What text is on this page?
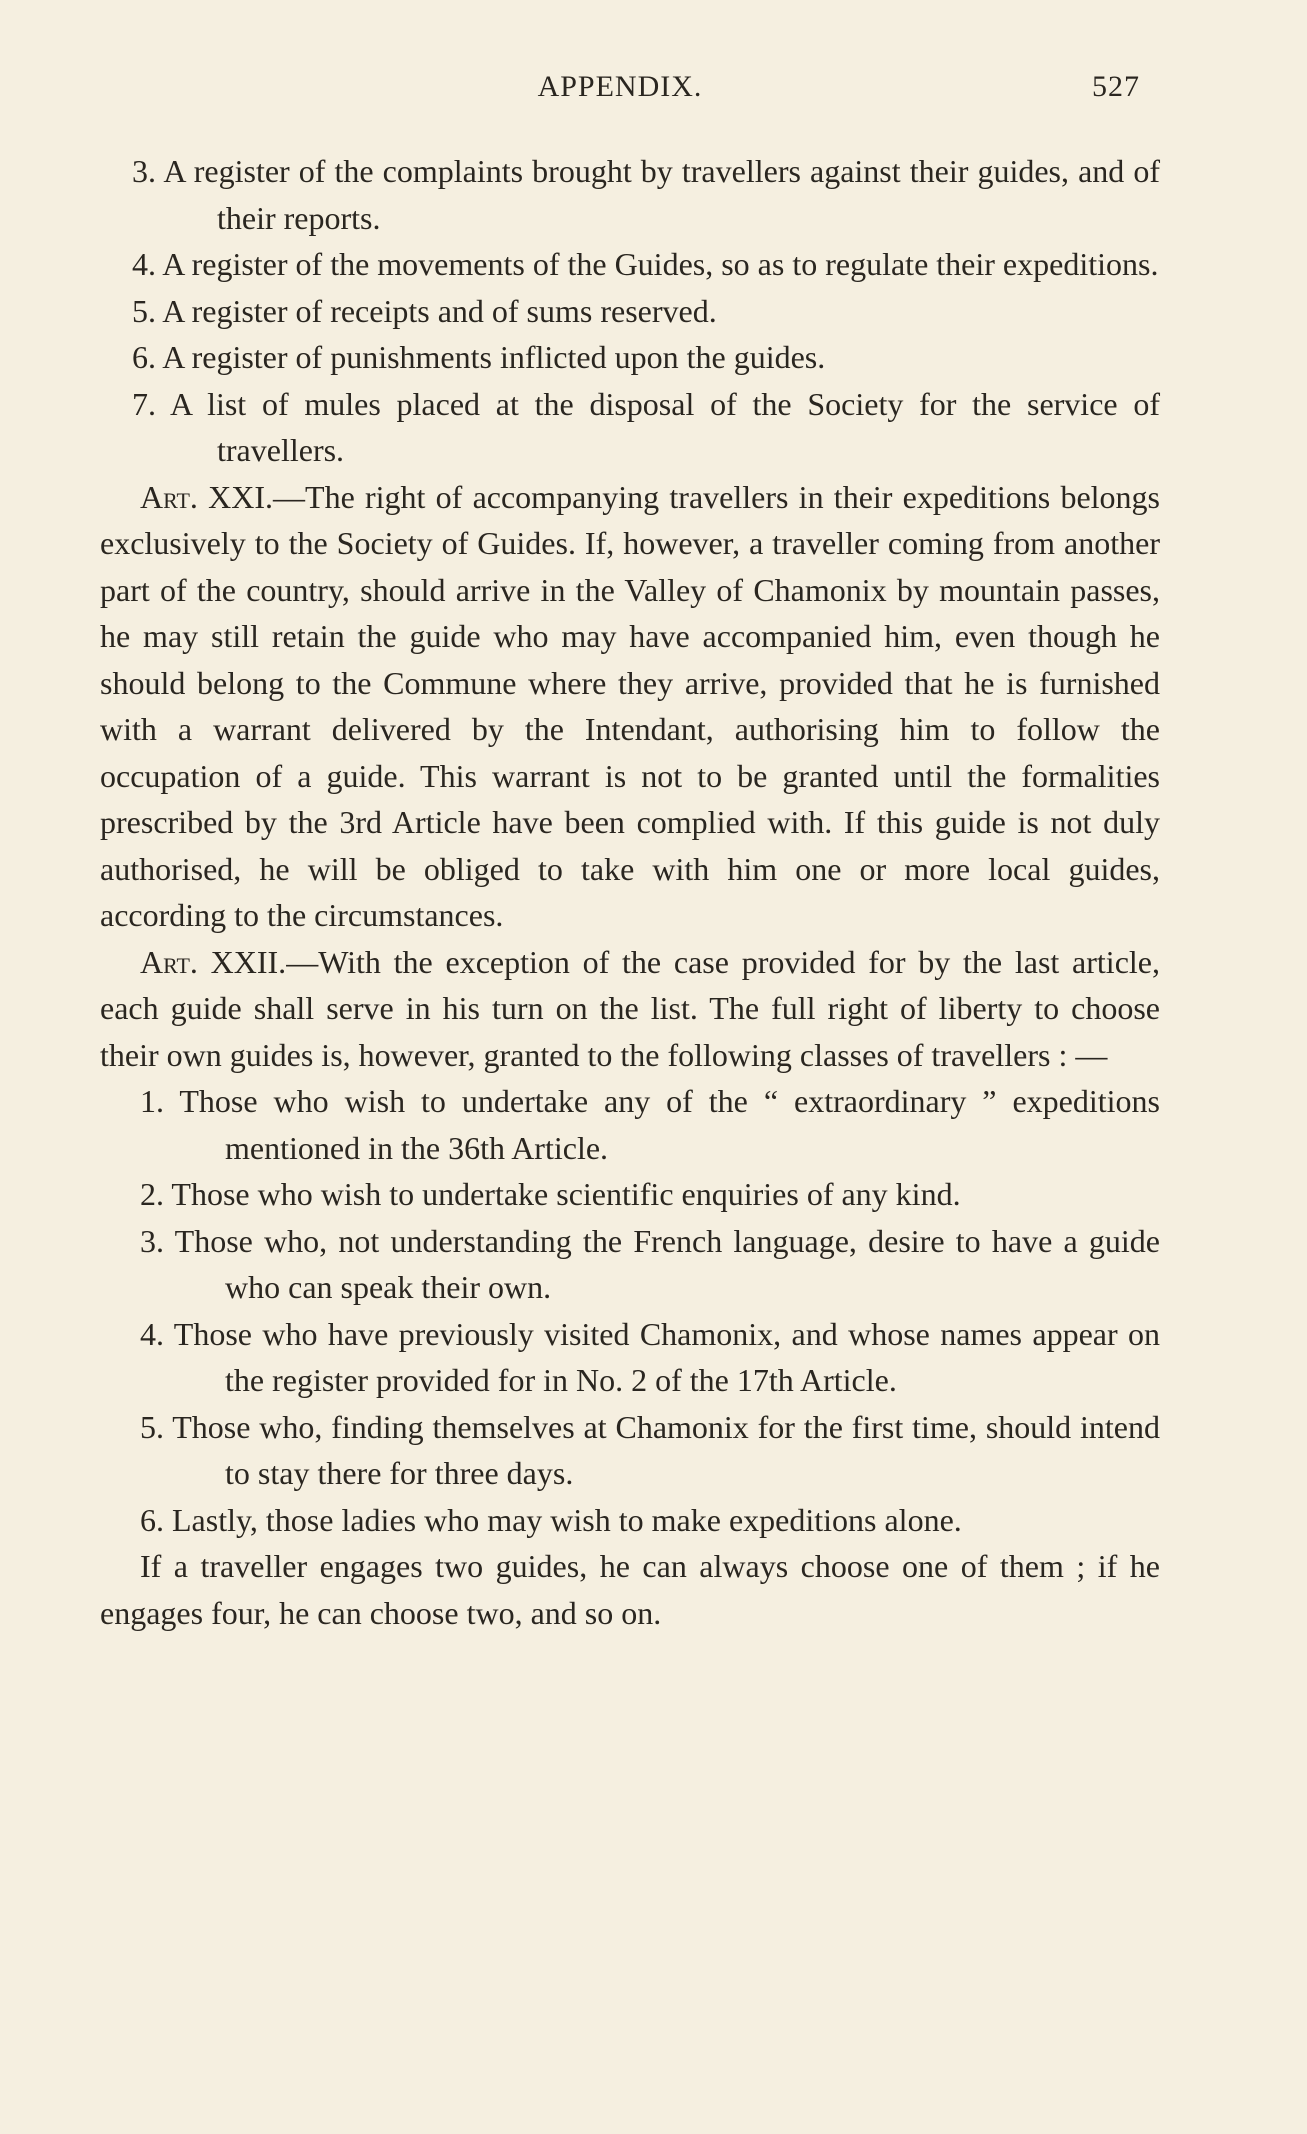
APPENDIX.	527

3. A register of the complaints brought by travellers against their guides, and of their reports.

4. A register of the movements of the Guides, so as to regulate their expeditions.

5. A register of receipts and of sums reserved.

6. A register of punishments inflicted upon the guides.

7. A list of mules placed at the disposal of the Society for the service of travellers.

Art. XXI.—The right of accompanying travellers in their expeditions belongs exclusively to the Society of Guides. If, however, a traveller coming from another part of the country, should arrive in the Valley of Chamonix by mountain passes, he may still retain the guide who may have accompanied him, even though he should belong to the Commune where they arrive, provided that he is furnished with a warrant delivered by the Intendant, authorising him to follow the occupation of a guide. This warrant is not to be granted until the formalities prescribed by the 3rd Article have been complied with. If this guide is not duly authorised, he will be obliged to take with him one or more local guides, according to the circumstances.

Art. XXII.—With the exception of the case provided for by the last article, each guide shall serve in his turn on the list. The full right of liberty to choose their own guides is, however, granted to the following classes of travellers : —

1. Those who wish to undertake any of the “ extraordinary ” expeditions mentioned in the 36th Article.

2. Those who wish to undertake scientific enquiries of any kind.

3. Those who, not understanding the French language, desire to have a guide who can speak their own.

4. Those who have previously visited Chamonix, and whose names appear on the register provided for in No. 2 of the 17th Article.

5. Those who, finding themselves at Chamonix for the first time, should intend to stay there for three days.

6. Lastly, those ladies who may wish to make expeditions alone.

If a traveller engages two guides, he can always choose one of them ; if he engages four, he can choose two, and so on.
